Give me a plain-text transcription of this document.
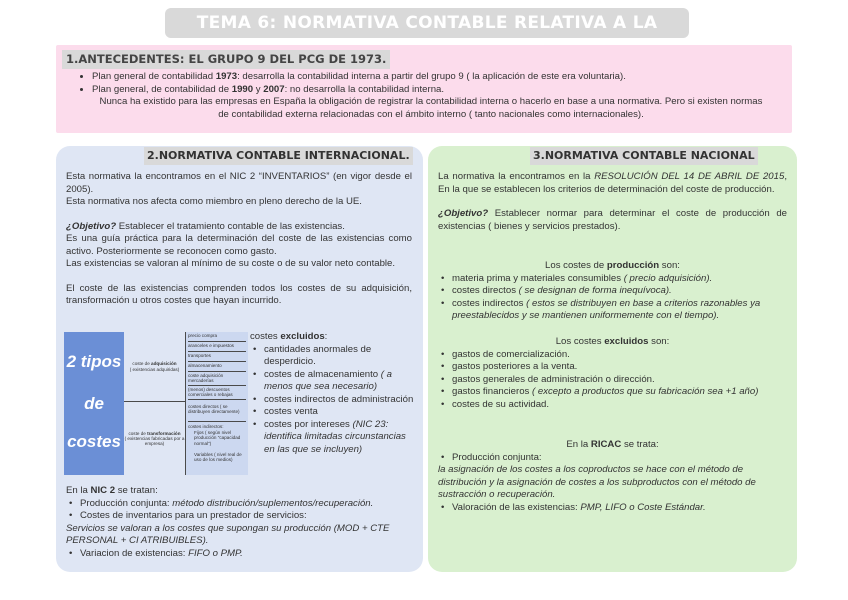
TEMA 6: NORMATIVA CONTABLE RELATIVA A LA
1.ANTECEDENTES: EL GRUPO 9 DEL PCG DE 1973.
• Plan general de contabilidad 1973: desarrolla la contabilidad interna a partir del grupo 9 ( la aplicación de este era voluntaria).
• Plan general, de contabilidad de 1990 y 2007: no desarrolla la contabilidad interna.

Nunca ha existido para las empresas en España la obligación de registrar la contabilidad interna o hacerlo en base a una normativa. Pero si existen normas de contabilidad externa relacionadas con el ámbito interno ( tanto nacionales como internacionales).

2.NORMATIVA CONTABLE INTERNACIONAL.
Esta normativa la encontramos en el NIC 2 “INVENTARIOS” (en vigor desde el 2005).
Esta normativa nos afecta como miembro en pleno derecho de la UE.
¿Objetivo? Establecer el tratamiento contable de las existencias.
Es una guía práctica para la determinación del coste de las existencias como activo. Posteriormente se reconocen como gasto.
Las existencias se valoran al mínimo de su coste o de su valor neto contable.
El coste de las existencias comprenden todos los costes de su adquisición, transformación u otros costes que hayan incurrido.
2 tipos
de
costes
coste de adquisición
( existencias adquiridas)
coste de transformación
( existencias fabricadas por a empresa)
precio compra
aranceles e impuestos
transportes
almacenamiento
coste adquisición mercaderías
(menos) descuentos comerciales o rebajas
costes directos ( se distribuyen directamente)
costes indirectos:
Fijos ( según nivel producción "capacidad normal")
Variables ( nivel real de uso de los medios)
costes excluidos:
• cantidades anormales de desperdicio.
• costes de almacenamiento ( a menos que sea necesario)
• costes indirectos de administración
• costes venta
• costes por intereses (NIC 23: identifica limitadas circunstancias en las que se incluyen)
En la NIC 2 se tratan:
• Producción conjunta: método distribución/suplementos/recuperación.
• Costes de inventarios para un prestador de servicios:
Servicios se valoran a los costes que supongan su producción (MOD + CTE PERSONAL + CI ATRIBUIBLES).
• Variacion de existencias: FIFO o PMP.
3.NORMATIVA CONTABLE NACIONAL
La normativa la encontramos en la RESOLUCIÓN DEL 14 DE ABRIL DE 2015, En la que se establecen los criterios de determinación del coste de producción.
¿Objetivo? Establecer normar para determinar el coste de producción de existencias ( bienes y servicios prestados).
Los costes de producción son:
• materia prima y materiales consumibles ( precio adquisición).
• costes directos ( se designan de forma inequívoca).
• costes indirectos ( estos se distribuyen en base a criterios razonables ya preestablecidos y se mantienen uniformemente con el tiempo).
Los costes excluidos son:
• gastos de comercialización.
• gastos posteriores a la venta.
• gastos generales de administración o dirección.
• gastos financieros ( excepto a productos que su fabricación sea +1 año)
• costes de su actividad.
En la RICAC se trata:
• Producción conjunta:
la asignación de los costes a los coproductos se hace con el método de distribución y la asignación de costes a los subproductos con el método de sustracción o recuperación.
• Valoración de las existencias: PMP, LIFO o Coste Estándar.
